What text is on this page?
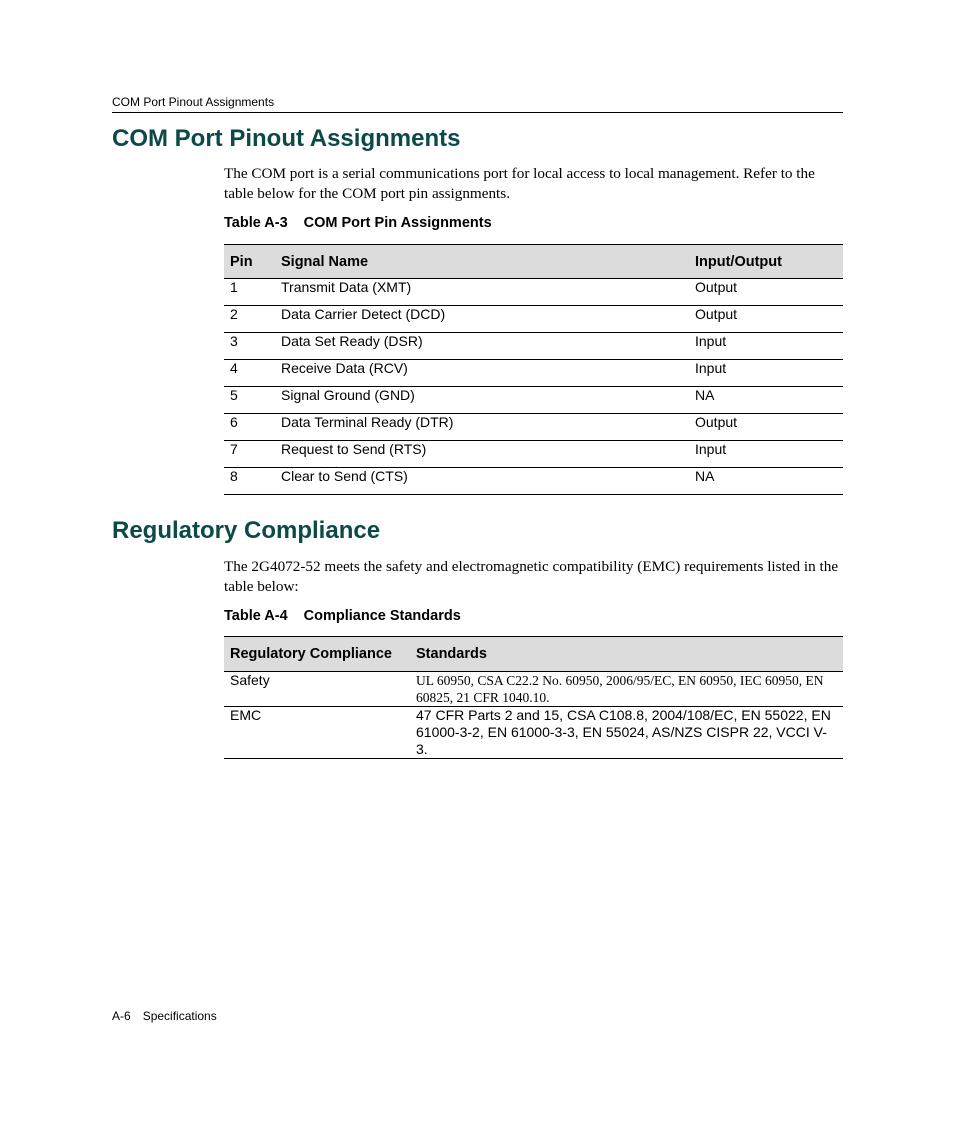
COM Port Pinout Assignments
COM Port Pinout Assignments

The COM port is a serial communications port for local access to local management. Refer to the table below for the COM port pin assignments.

Table A-3 COM Port Pin Assignments
Pin	Signal Name	Input/Output
1	Transmit Data (XMT)	Output
2	Data Carrier Detect (DCD)	Output
3	Data Set Ready (DSR)	Input
4	Receive Data (RCV)	Input
5	Signal Ground (GND)	NA
6	Data Terminal Ready (DTR)	Output
7	Request to Send (RTS)	Input
8	Clear to Send (CTS)	NA
Regulatory Compliance

The 2G4072-52 meets the safety and electromagnetic compatibility (EMC) requirements listed in the table below:

Table A-4 Compliance Standards
Regulatory Compliance	Standards
Safety	UL 60950, CSA C22.2 No. 60950, 2006/95/EC, EN 60950, IEC 60950, EN 60825, 21 CFR 1040.10.
EMC	47 CFR Parts 2 and 15, CSA C108.8, 2004/108/EC, EN 55022, EN 61000-3-2, EN 61000-3-3, EN 55024, AS/NZS CISPR 22, VCCI V-3.
A-6 Specifications
